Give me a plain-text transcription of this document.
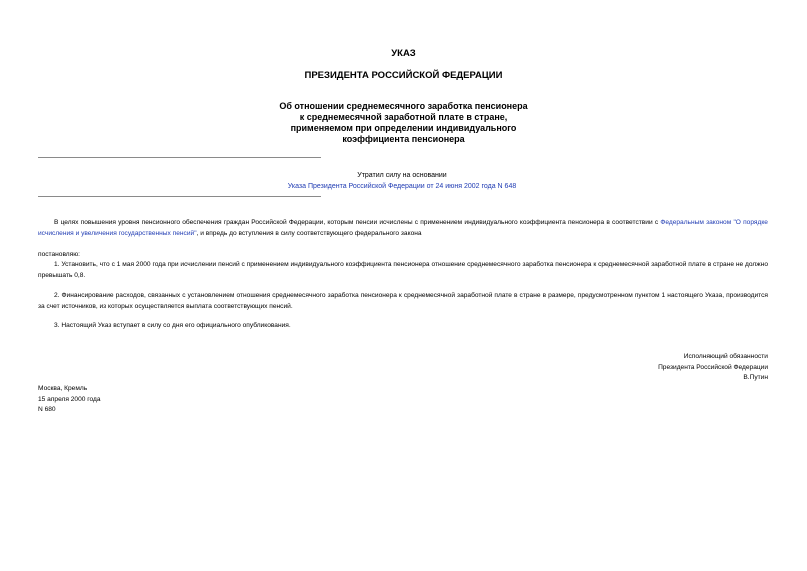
УКАЗ
ПРЕЗИДЕНТА РОССИЙСКОЙ ФЕДЕРАЦИИ
Об отношении среднемесячного заработка пенсионера
к среднемесячной заработной плате в стране,
применяемом при определении индивидуального
коэффициента пенсионера
Утратил силу на основании
Указа Президента Российской Федерации от 24 июня 2002 года N 648
В целях повышения уровня пенсионного обеспечения граждан Российской Федерации, которым пенсии исчислены с применением индивидуального коэффициента пенсионера в соответствии с Федеральным законом "О порядке исчисления и увеличения государственных пенсий", и впредь до вступления в силу соответствующего федерального закона
постановляю:
1. Установить, что с 1 мая 2000 года при исчислении пенсий с применением индивидуального коэффициента пенсионера отношение среднемесячного заработка пенсионера к среднемесячной заработной плате в стране не должно превышать 0,8.
2. Финансирование расходов, связанных с установлением отношения среднемесячного заработка пенсионера к среднемесячной заработной плате в стране в размере, предусмотренном пунктом 1 настоящего Указа, производится за счет источников, из которых осуществляется выплата соответствующих пенсий.
3. Настоящий Указ вступает в силу со дня его официального опубликования.
Исполняющий обязанности
Президента Российской Федерации
В.Путин
Москва, Кремль
15 апреля 2000 года
N 680
